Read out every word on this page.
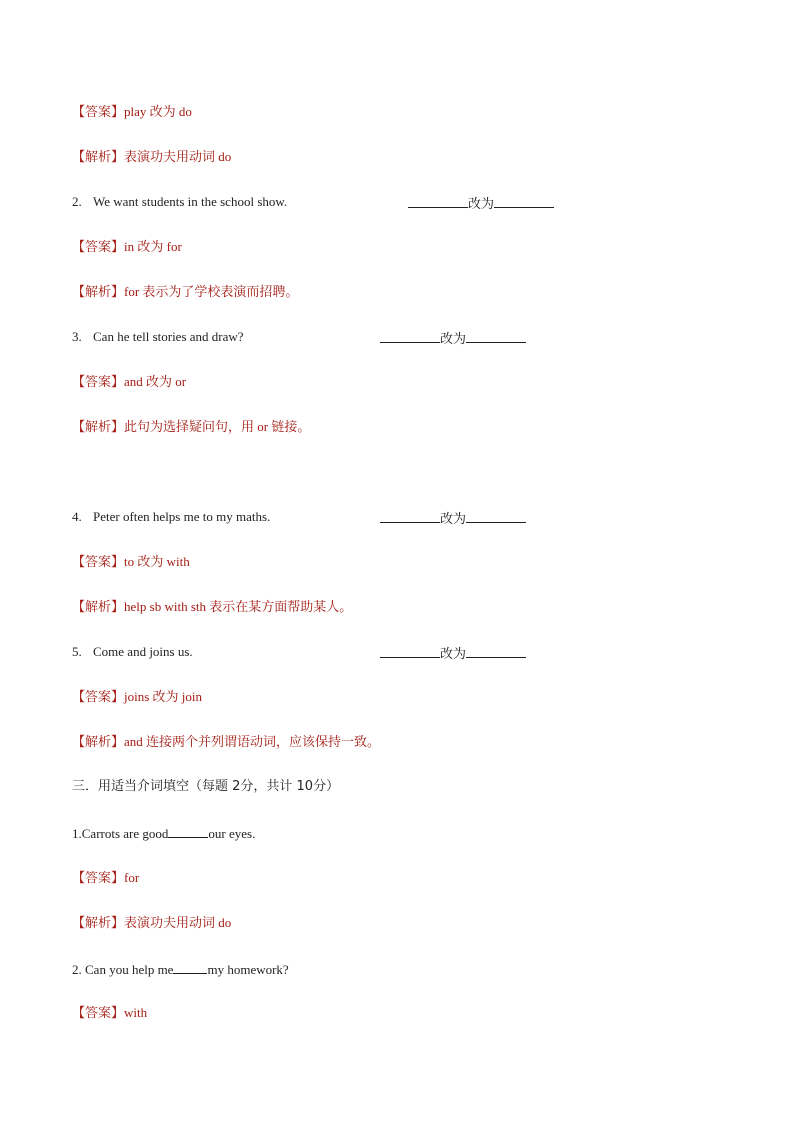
【答案】play 改为 do
【解析】表演功夫用动词 do
2. We want students in the school show.	改为
【答案】in 改为 for
【解析】for 表示为了学校表演而招聘。
3. Can he tell stories and draw?	改为
【答案】and 改为 or
【解析】此句为选择疑问句，用 or 链接。
4. Peter often helps me to my maths.	改为
【答案】to 改为 with
【解析】help sb with sth 表示在某方面帮助某人。
5. Come and joins us.	改为
【答案】joins 改为 join
【解析】and 连接两个并列谓语动词，应该保持一致。
三．用适当介词填空（每题 2分，共计 10分）
1.Carrots are good	our eyes.
【答案】for
【解析】表演功夫用动词 do
2. Can you help me	my homework?
【答案】with
